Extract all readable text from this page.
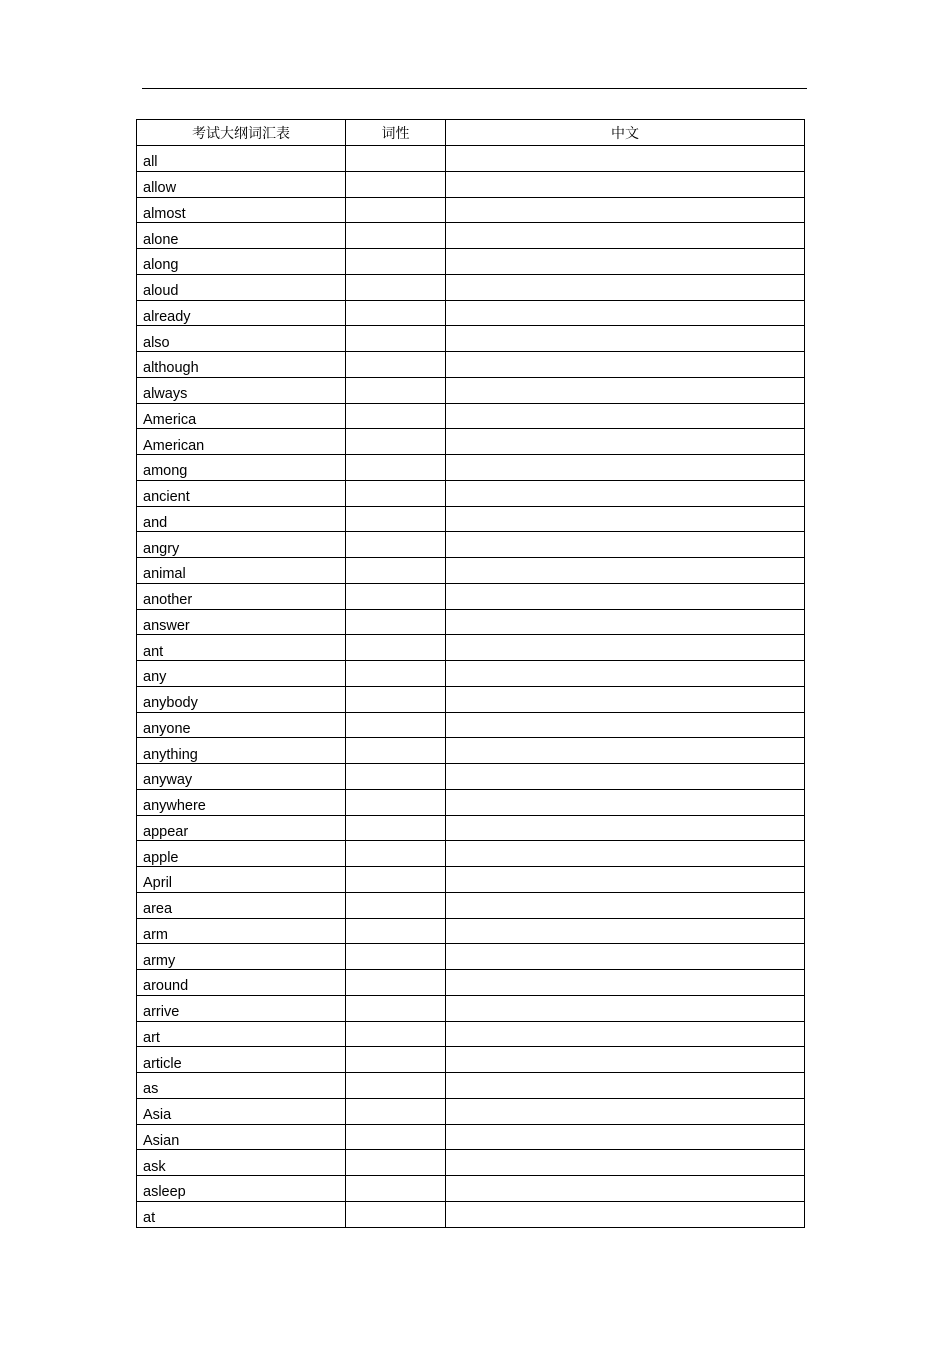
考试大纲词汇表	词性	中文
all		
allow		
almost		
alone		
along		
aloud		
already		
also		
although		
always		
America		
American		
among		
ancient		
and		
angry		
animal		
another		
answer		
ant		
any		
anybody		
anyone		
anything		
anyway		
anywhere		
appear		
apple		
April		
area		
arm		
army		
around		
arrive		
art		
article		
as		
Asia		
Asian		
ask		
asleep		
at		
